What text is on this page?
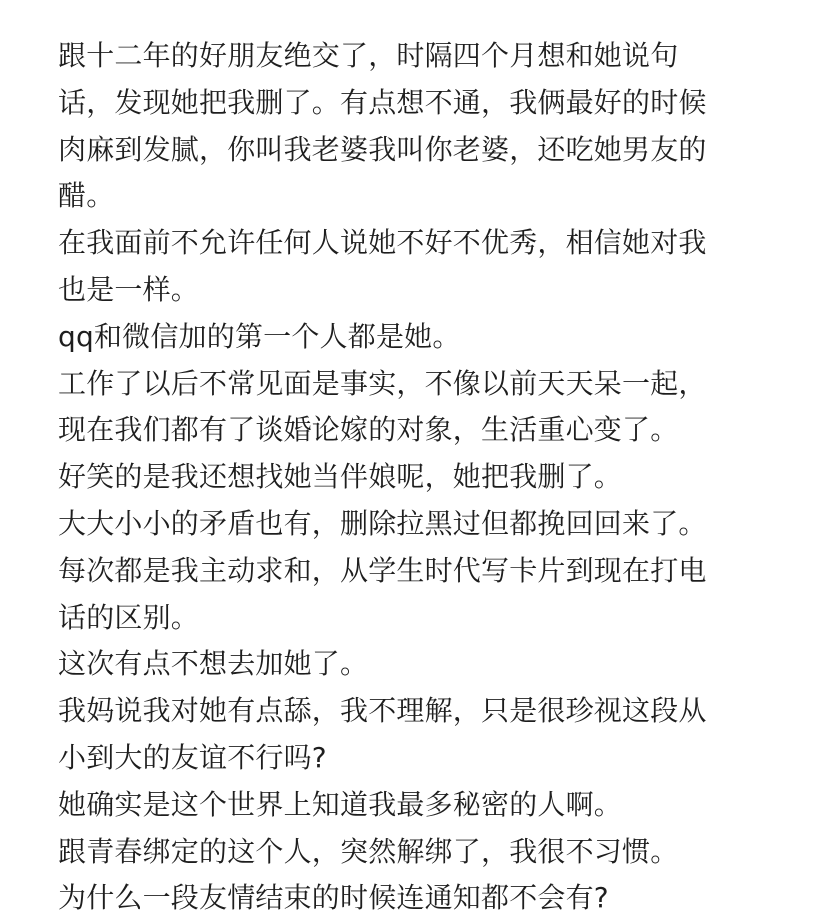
跟十二年的好朋友绝交了，时隔四个月想和她说句
话，发现她把我删了。有点想不通，我俩最好的时候
肉麻到发腻，你叫我老婆我叫你老婆，还吃她男友的
醋。
在我面前不允许任何人说她不好不优秀，相信她对我
也是一样。
qq和微信加的第一个人都是她。
工作了以后不常见面是事实，不像以前天天呆一起，
现在我们都有了谈婚论嫁的对象，生活重心变了。
好笑的是我还想找她当伴娘呢，她把我删了。
大大小小的矛盾也有，删除拉黑过但都挽回回来了。
每次都是我主动求和，从学生时代写卡片到现在打电
话的区别。
这次有点不想去加她了。
我妈说我对她有点舔，我不理解，只是很珍视这段从
小到大的友谊不行吗?
她确实是这个世界上知道我最多秘密的人啊。
跟青春绑定的这个人，突然解绑了，我很不习惯。
为什么一段友情结束的时候连通知都不会有?
